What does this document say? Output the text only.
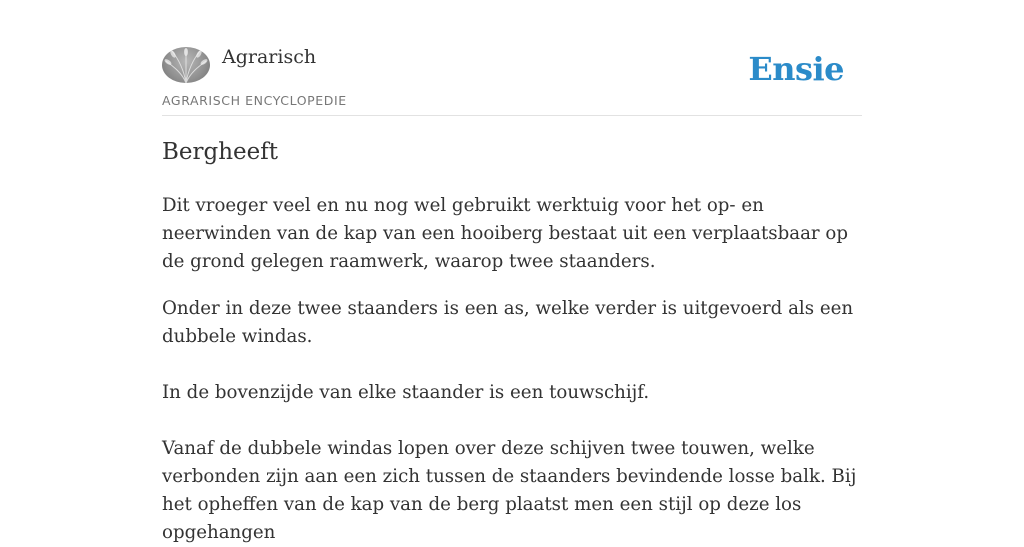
Agrarisch
AGRARISCH ENCYCLOPEDIE
Ensie
Bergheeft

Dit vroeger veel en nu nog wel gebruikt werktuig voor het op- en neerwinden van de kap van een hooiberg bestaat uit een verplaatsbaar op de grond gelegen raamwerk, waarop twee staanders.

Onder in deze twee staanders is een as, welke verder is uitgevoerd als een dubbele windas.

In de bovenzijde van elke staander is een touwschijf.

Vanaf de dubbele windas lopen over deze schijven twee touwen, welke verbonden zijn aan een zich tussen de staanders bevindende losse balk. Bij het opheffen van de kap van de berg plaatst men een stijl op deze los opgehangen
